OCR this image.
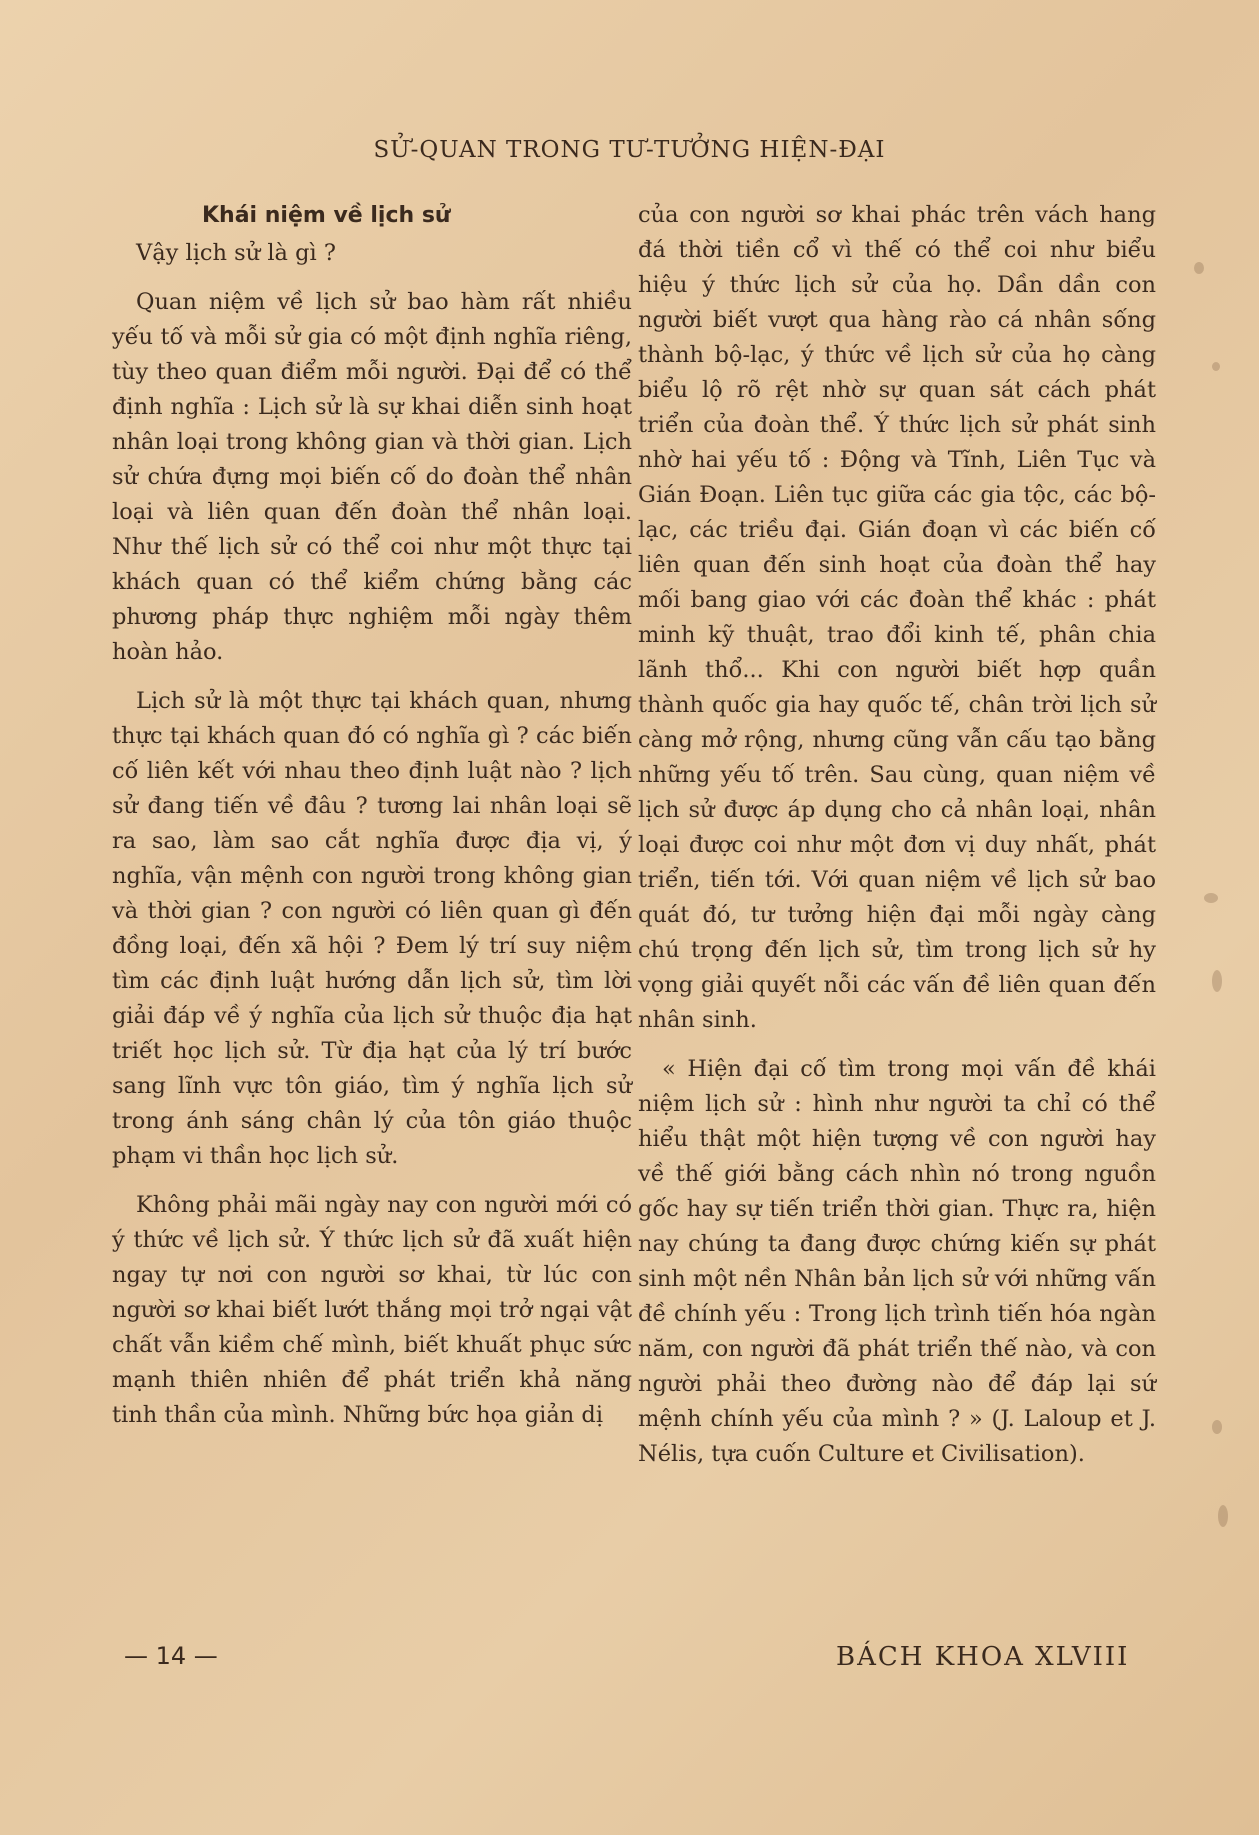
SỬ-QUAN TRONG TƯ-TƯỞNG HIỆN-ĐẠI
Khái niệm về lịch sử

Vậy lịch sử là gì ?

Quan niệm về lịch sử bao hàm rất nhiều yếu tố và mỗi sử gia có một định nghĩa riêng, tùy theo quan điểm mỗi người. Đại để có thể định nghĩa : Lịch sử là sự khai diễn sinh hoạt nhân loại trong không gian và thời gian. Lịch sử chứa đựng mọi biến cố do đoàn thể nhân loại và liên quan đến đoàn thể nhân loại. Như thế lịch sử có thể coi như một thực tại khách quan có thể kiểm chứng bằng các phương pháp thực nghiệm mỗi ngày thêm hoàn hảo.

Lịch sử là một thực tại khách quan, nhưng thực tại khách quan đó có nghĩa gì ? các biến cố liên kết với nhau theo định luật nào ? lịch sử đang tiến về đâu ? tương lai nhân loại sẽ ra sao, làm sao cắt nghĩa được địa vị, ý nghĩa, vận mệnh con người trong không gian và thời gian ? con người có liên quan gì đến đồng loại, đến xã hội ? Đem lý trí suy niệm tìm các định luật hướng dẫn lịch sử, tìm lời giải đáp về ý nghĩa của lịch sử thuộc địa hạt triết học lịch sử. Từ địa hạt của lý trí bước sang lĩnh vực tôn giáo, tìm ý nghĩa lịch sử trong ánh sáng chân lý của tôn giáo thuộc phạm vi thần học lịch sử.

Không phải mãi ngày nay con người mới có ý thức về lịch sử. Ý thức lịch sử đã xuất hiện ngay tự nơi con người sơ khai, từ lúc con người sơ khai biết lướt thắng mọi trở ngại vật chất vẫn kiềm chế mình, biết khuất phục sức mạnh thiên nhiên để phát triển khả năng tinh thần của mình. Những bức họa giản dị

của con người sơ khai phác trên vách hang đá thời tiền cổ vì thế có thể coi như biểu hiệu ý thức lịch sử của họ. Dần dần con người biết vượt qua hàng rào cá nhân sống thành bộ-lạc, ý thức về lịch sử của họ càng biểu lộ rõ rệt nhờ sự quan sát cách phát triển của đoàn thể. Ý thức lịch sử phát sinh nhờ hai yếu tố : Động và Tĩnh, Liên Tục và Gián Đoạn. Liên tục giữa các gia tộc, các bộ-lạc, các triều đại. Gián đoạn vì các biến cố liên quan đến sinh hoạt của đoàn thể hay mối bang giao với các đoàn thể khác : phát minh kỹ thuật, trao đổi kinh tế, phân chia lãnh thổ... Khi con người biết hợp quần thành quốc gia hay quốc tế, chân trời lịch sử càng mở rộng, nhưng cũng vẫn cấu tạo bằng những yếu tố trên. Sau cùng, quan niệm về lịch sử được áp dụng cho cả nhân loại, nhân loại được coi như một đơn vị duy nhất, phát triển, tiến tới. Với quan niệm về lịch sử bao quát đó, tư tưởng hiện đại mỗi ngày càng chú trọng đến lịch sử, tìm trong lịch sử hy vọng giải quyết nỗi các vấn đề liên quan đến nhân sinh.

« Hiện đại cố tìm trong mọi vấn đề khái niệm lịch sử : hình như người ta chỉ có thể hiểu thật một hiện tượng về con người hay về thế giới bằng cách nhìn nó trong nguồn gốc hay sự tiến triển thời gian. Thực ra, hiện nay chúng ta đang được chứng kiến sự phát sinh một nền Nhân bản lịch sử với những vấn đề chính yếu : Trong lịch trình tiến hóa ngàn năm, con người đã phát triển thế nào, và con người phải theo đường nào để đáp lại sứ mệnh chính yếu của mình ? » (J. Laloup et J. Nélis, tựa cuốn Culture et Civilisation).

— 14 —	BÁCH KHOA XLVIII
